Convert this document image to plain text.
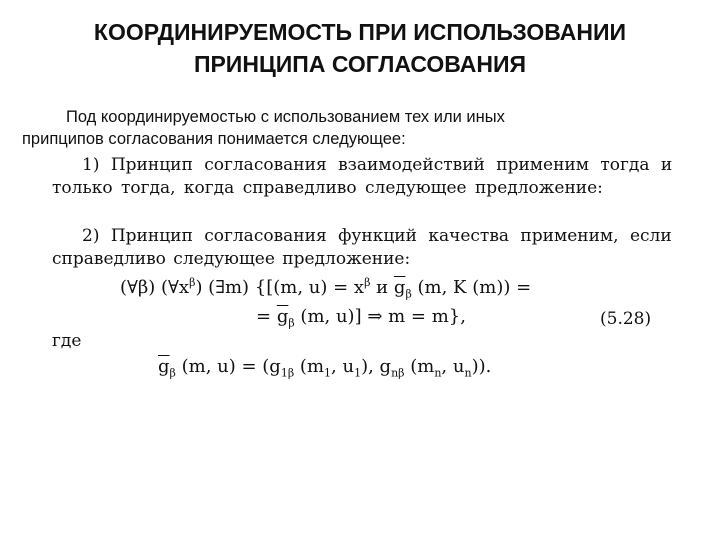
КООРДИНИРУЕМОСТЬ ПРИ ИСПОЛЬЗОВАНИИ
ПРИНЦИПА СОГЛАСОВАНИЯ
Под координируемостью с использованием тех или иных
припципов согласования понимается следующее:
1) Принцип согласования взаимодействий применим тогда и
только тогда, когда справедливо следующее предложение:
2) Принцип согласования функций качества применим, если
справедливо следующее предложение:
(∀β) $(\forall x^\beta)$ (∃m) {[(m, $u) = x^\beta$ и $\overline{g}_\beta$ (m, K (m)) =
= $\overline{g}_\beta$ (m, u)] ⇒ m = m},	(5.28)
где
$\overline{g}_\beta$ (m, $u) = (g_{1\beta}$ ($m_1$, $u_1$), $g_{n\beta}$ ($m_n$, $u_n$)).
